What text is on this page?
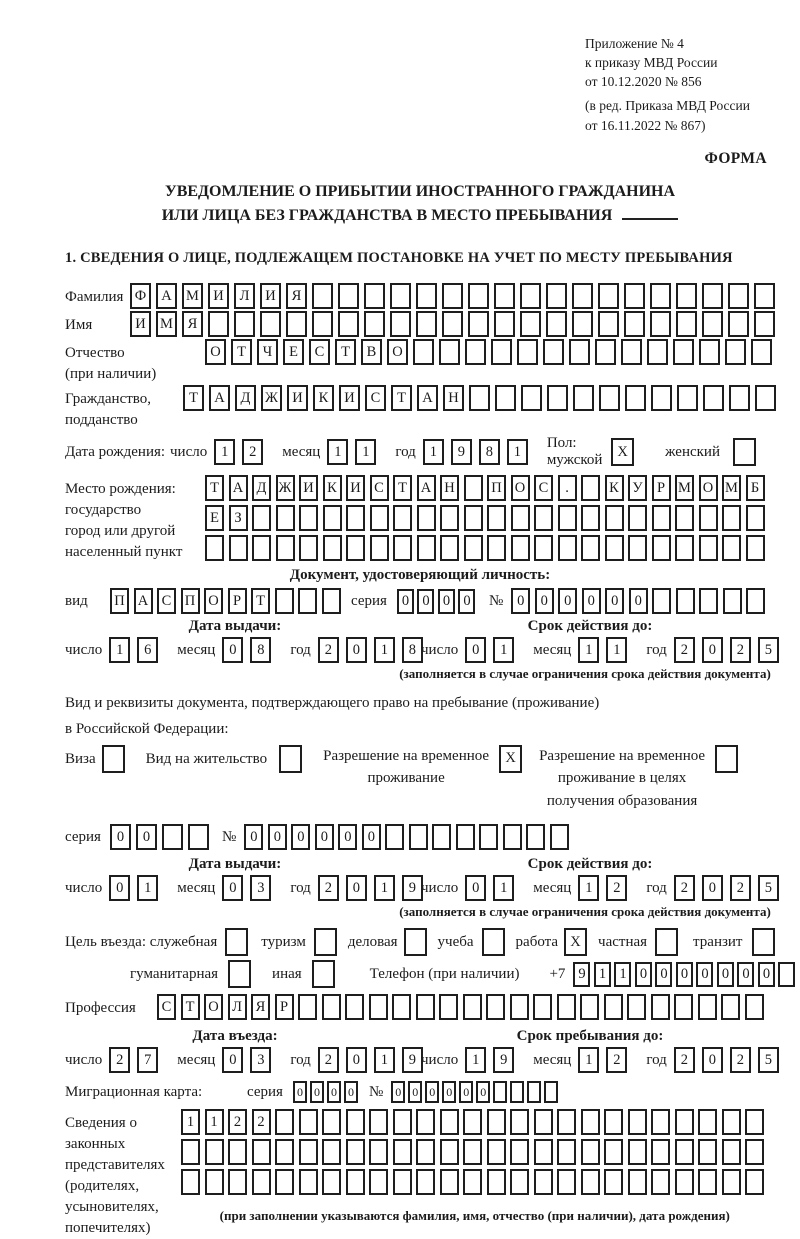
Приложение № 4
к приказу МВД России
от 10.12.2020 № 856
(в ред. Приказа МВД России
от 16.11.2022 № 867)
ФОРМА
УВЕДОМЛЕНИЕ О ПРИБЫТИИ ИНОСТРАННОГО ГРАЖДАНИНА
ИЛИ ЛИЦА БЕЗ ГРАЖДАНСТВА В МЕСТО ПРЕБЫВАНИЯ
1. СВЕДЕНИЯ О ЛИЦЕ, ПОДЛЕЖАЩЕМ ПОСТАНОВКЕ НА УЧЕТ ПО МЕСТУ ПРЕБЫВАНИЯ
Фамилия Ф	А М И	Л	И	Я
Имя	И М	Я
Отчество
(при наличии)
О	Т	Ч	Е	С	Т	В	О
Гражданство,
подданство
Т	А	Д	Ж И	К	И	С	Т	А	Н
Дата рождения: число 1	2	месяц 1	1	год 1	9	8	1
Пол: мужской
X	женский
Место рождения:
государство
город или другой
населенный пункт
Т А Д Ж И К И С Т А Н	П О С	.	К У Р М О М Б
Е	З
Документ, удостоверяющий личность:
вид	П А С П О Р	Т	серия	0 0 0 0	№ 0	0	0	0	0	0
Дата выдачи:	Срок действия до:
число 1	6	месяц 0	8	год 2	0	1	8 число 0	1	месяц 1	1	год 2	0	2	5
(заполняется в случае ограничения срока действия документа)
Вид и реквизиты документа, подтверждающего право на пребывание (проживание)
в Российской Федерации:
Виза	Вид на жительство	Разрешение на временное
проживание
X	Разрешение на временное
проживание в целях
получения образования
серия	0	0	№ 0	0	0	0	0	0
Дата выдачи:	Срок действия до:
число 0	1	месяц 0	3	год 2	0	1	9 число 0	1	месяц 1	2	год 2	0	2	5
(заполняется в случае ограничения срока действия документа)
Цель въезда: служебная	туризм	деловая	учеба	работа X	частная	транзит
гуманитарная	иная	Телефон (при наличии) +7 9 1 1 0 0 0 0 0 0 0
Профессия	С Т О Л Я	Р
Дата въезда:	Срок пребывания до:
число 2	7	месяц 0	3	год 2	0	1	9 число 1	9	месяц 1	2	год 2	0	2	5
Миграционная карта:	серия	0 0 0 0 №	0 0 0 0 0 0
Сведения о
законных
представителях
(родителях,
усыновителях,
попечителях)
1	1	2	2
(при заполнении указываются фамилия, имя, отчество (при наличии), дата рождения)
